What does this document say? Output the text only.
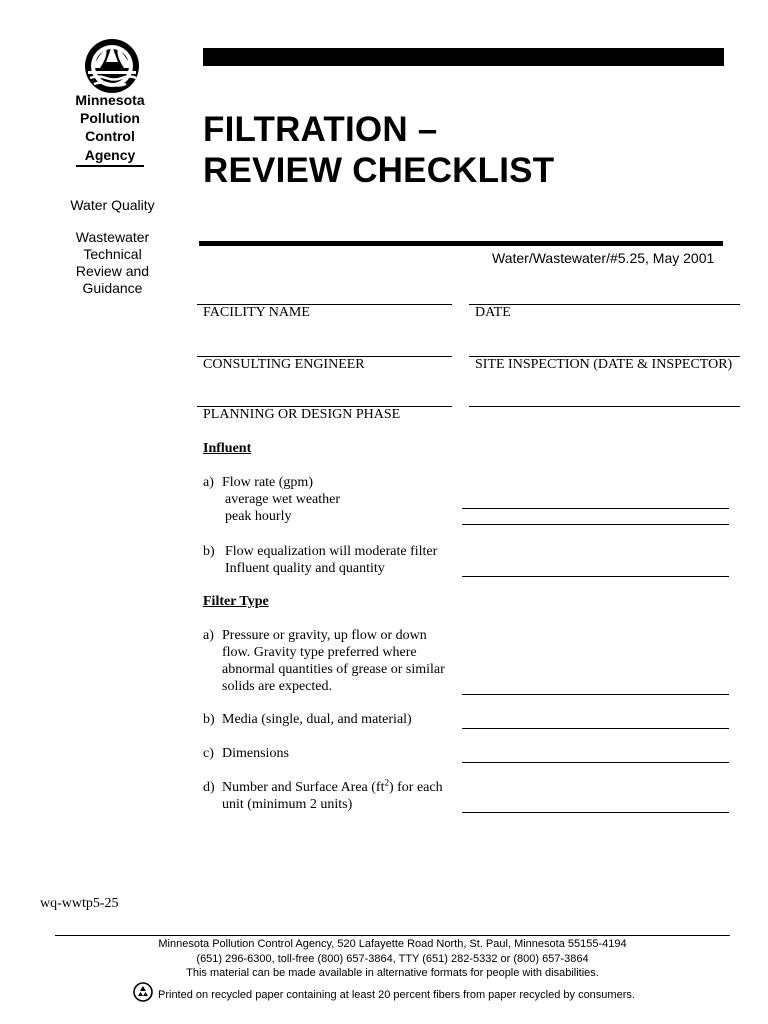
Minnesota
Pollution
Control
Agency
Water Quality
Wastewater
Technical
Review and
Guidance
FILTRATION –
REVIEW CHECKLIST
Water/Wastewater/#5.25, May 2001
FACILITY NAME	DATE
CONSULTING ENGINEER	SITE INSPECTION (DATE & INSPECTOR)
PLANNING OR DESIGN PHASE
Influent
a) Flow rate (gpm)
average wet weather
peak hourly
b) Flow equalization will moderate filter
Influent quality and quantity
Filter Type
a) Pressure or gravity, up flow or down
flow. Gravity type preferred where
abnormal quantities of grease or similar
solids are expected.
b) Media (single, dual, and material)
c) Dimensions
d) Number and Surface Area $(ft^2)$ for each
unit (minimum 2 units)
wq-wwtp5-25
Minnesota Pollution Control Agency, 520 Lafayette Road North, St. Paul, Minnesota 55155-4194
(651) 296-6300, toll-free (800) 657-3864, TTY (651) 282-5332 or (800) 657-3864
This material can be made available in alternative formats for people with disabilities.
Printed on recycled paper containing at least 20 percent fibers from paper recycled by consumers.
